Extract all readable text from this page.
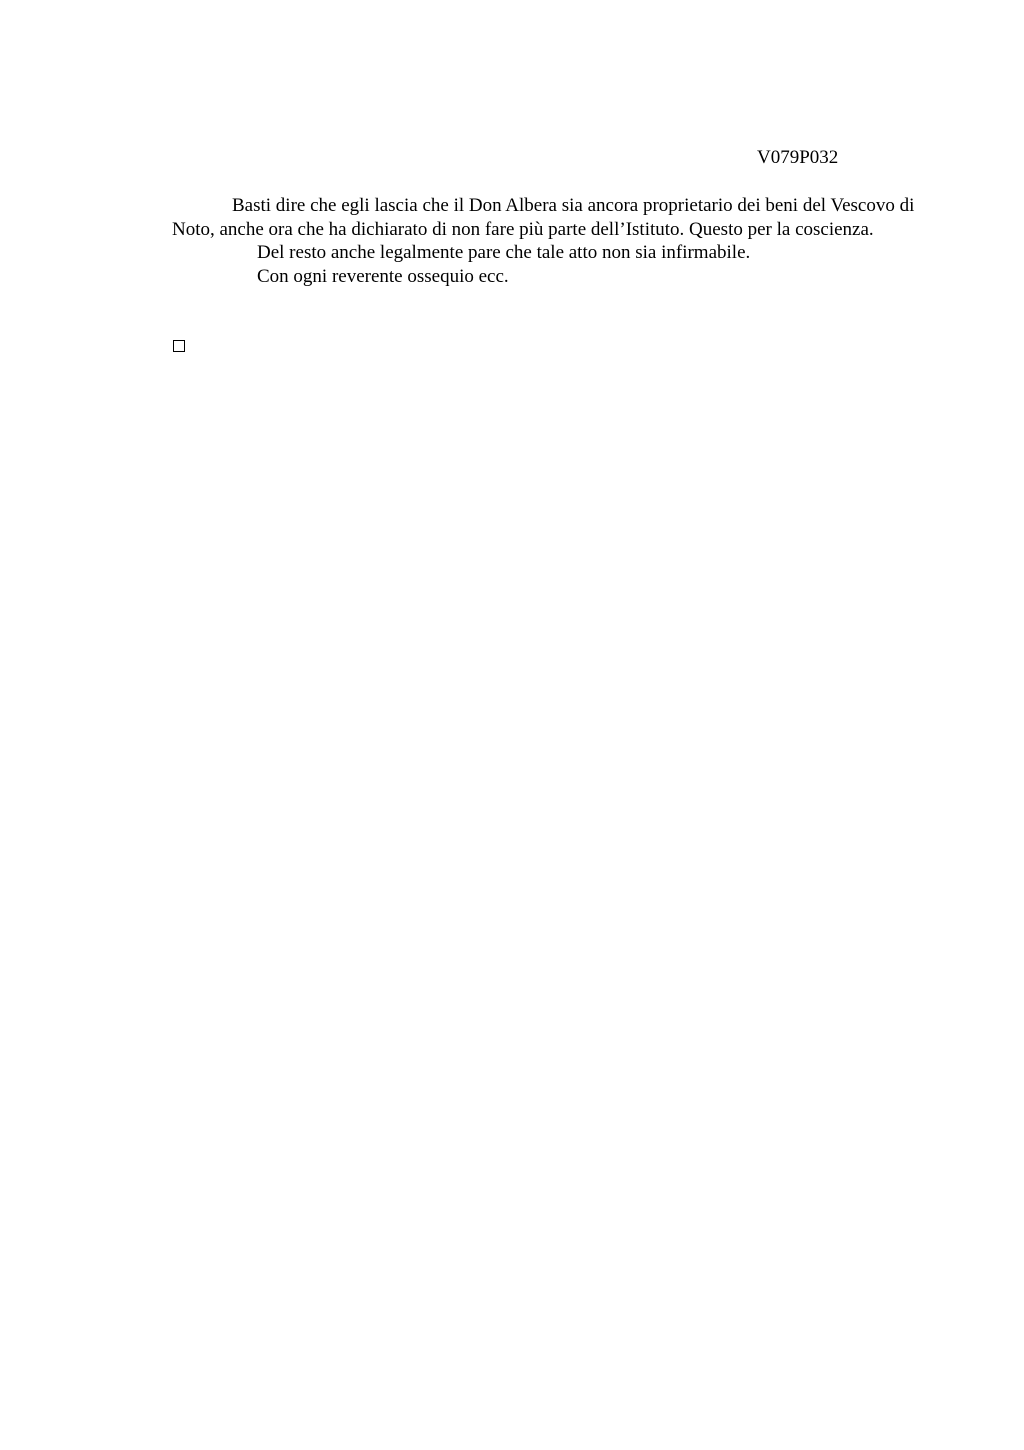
V079P032

Basti dire che egli lascia che il Don Albera sia ancora proprietario dei beni del Vescovo di Noto, anche ora che ha dichiarato di non fare più parte dell’Istituto. Questo per la coscienza.

Del resto anche legalmente pare che tale atto non sia infirmabile.

Con ogni reverente ossequio ecc.
